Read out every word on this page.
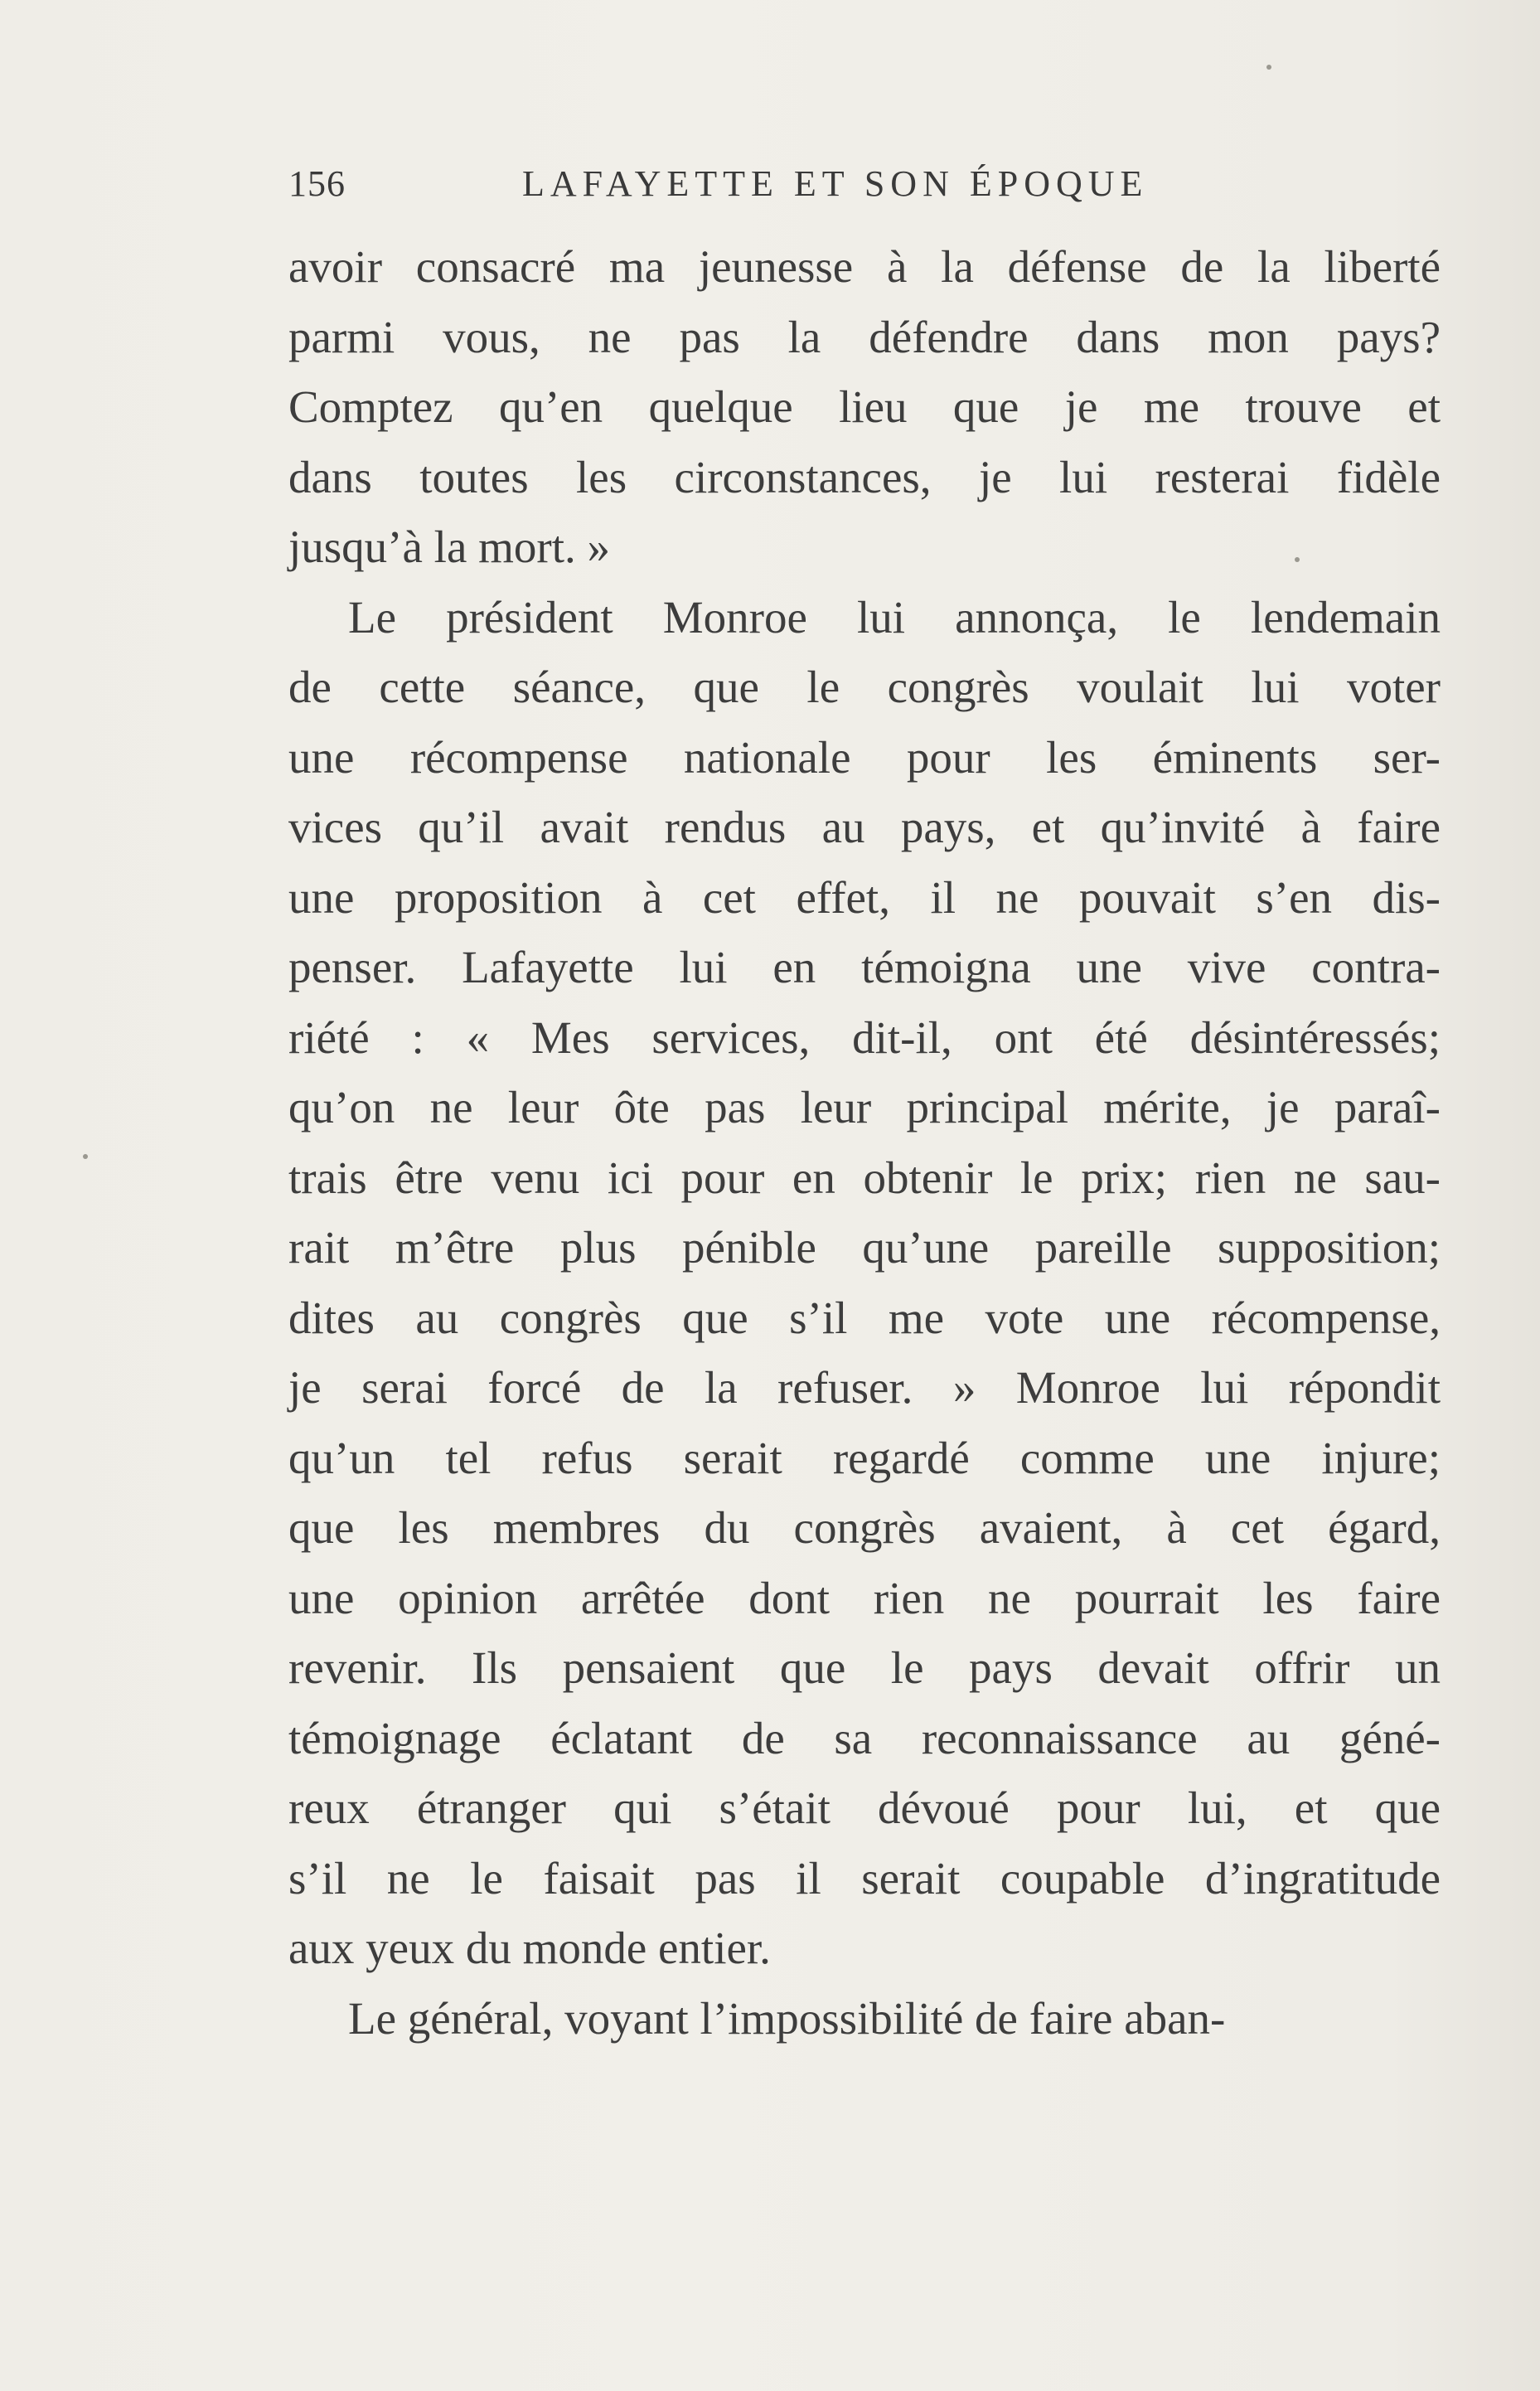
156	LAFAYETTE ET SON ÉPOQUE
avoir consacré ma jeunesse à la défense de la liberté
parmi vous, ne pas la défendre dans mon pays?
Comptez qu’en quelque lieu que je me trouve et
dans toutes les circonstances, je lui resterai fidèle
jusqu’à la mort. »
Le président Monroe lui annonça, le lendemain
de cette séance, que le congrès voulait lui voter
une récompense nationale pour les éminents ser-
vices qu’il avait rendus au pays, et qu’invité à faire
une proposition à cet effet, il ne pouvait s’en dis-
penser. Lafayette lui en témoigna une vive contra-
riété : « Mes services, dit-il, ont été désintéressés;
qu’on ne leur ôte pas leur principal mérite, je paraî-
trais être venu ici pour en obtenir le prix; rien ne sau-
rait m’être plus pénible qu’une pareille supposition;
dites au congrès que s’il me vote une récompense,
je serai forcé de la refuser. » Monroe lui répondit
qu’un tel refus serait regardé comme une injure;
que les membres du congrès avaient, à cet égard,
une opinion arrêtée dont rien ne pourrait les faire
revenir. Ils pensaient que le pays devait offrir un
témoignage éclatant de sa reconnaissance au géné-
reux étranger qui s’était dévoué pour lui, et que
s’il ne le faisait pas il serait coupable d’ingratitude
aux yeux du monde entier.
Le général, voyant l’impossibilité de faire aban-
